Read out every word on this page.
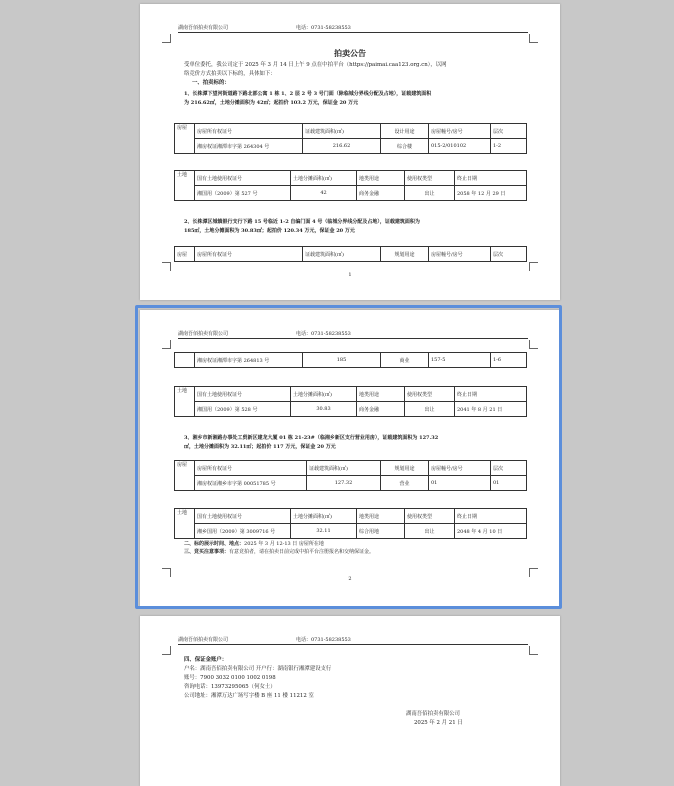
湖南吾佰拍卖有限公司	电话：0731-58238553
拍卖公告
受单位委托，我公司定于 2025 年 3 月 14 日上午 9 点在中拍平台（https://paimai.caa123.org.cn），以网
络竞价方式拍卖以下标的，具体如下：
一、拍卖标的：
1、长株潭下望河街道路下路北部公寓 1 栋 1、2 层 2 号 3 号门面（除临城分界线分配及占地），证载建筑面积
为 216.62㎡，土地分摊面积为 42㎡；起拍价 103.2 万元，保证金 20 万元
房屋	房屋所有权证号	证载建筑面积(㎡)	设计用途	房屋幢号/房号	层次
	湘房权证湘潭市字第 264304 号	216.62	综合楼	015-2/010102	1-2
土地	国有土地使用权证号	土地分摊面积(㎡)	地类用途	使用权类型	终止日期
	湘国用（2009）第 527 号	42	商务金融	出让	2058 年 12 月 29 日
2、长株潭区城镇银行支行下路 15 号临近 1-2 自编门面 4 号（临城分界线分配及占地），证载建筑面积为
185㎡，土地分摊面积为 30.83㎡；起拍价 120.34 万元，保证金 20 万元
房屋	房屋所有权证号	证载建筑面积(㎡)	规划用途	房屋幢号/房号	层次
1
湖南吾佰拍卖有限公司	电话：0731-58238553
	湘房权证湘潭市字第 264813 号	185	商业	157-5	1-6
土地	国有土地使用权证号	土地分摊面积(㎡)	地类用途	使用权类型	终止日期
	湘国用（2009）第 528 号	30.83	商务金融	出让	2041 年 8 月 21 日
3、湘乡市新湘路办事处工贸新区建龙大厦 01 栋 21-23#（临湘乡新区支行营业用房），证载建筑面积为 127.32
㎡，土地分摊面积为 32.11㎡；起拍价 117 万元，保证金 20 万元
房屋	房屋所有权证号	证载建筑面积(㎡)	规划用途	房屋幢号/房号	层次
	湘房权证湘乡市字第 00051785 号	127.32	营业	01	01
土地	国有土地使用权证号	土地分摊面积(㎡)	地类用途	使用权类型	终止日期
	湘乡国用（2009）第 3009716 号	32.11	综合用地	出让	2048 年 4 月 10 日
二、标的展示时间、地点：2025 年 3 月 12-13 日 房屋所在地
三、竞买注意事项：有意竞拍者，请在拍卖日前完成中拍平台注册报名和交纳保证金。
2
湖南吾佰拍卖有限公司	电话：0731-58238553
四、保证金账户：
户名：湖南吾佰拍卖有限公司 开户行：湖南银行湘潭建设支行
账号：7900 3032 0100 1002 0198
咨询电话：13973295065（何女士）
公司地址：湘潭万达广场写字楼 B 座 11 楼 11212 室
湖南吾佰拍卖有限公司
2025 年 2 月 21 日
